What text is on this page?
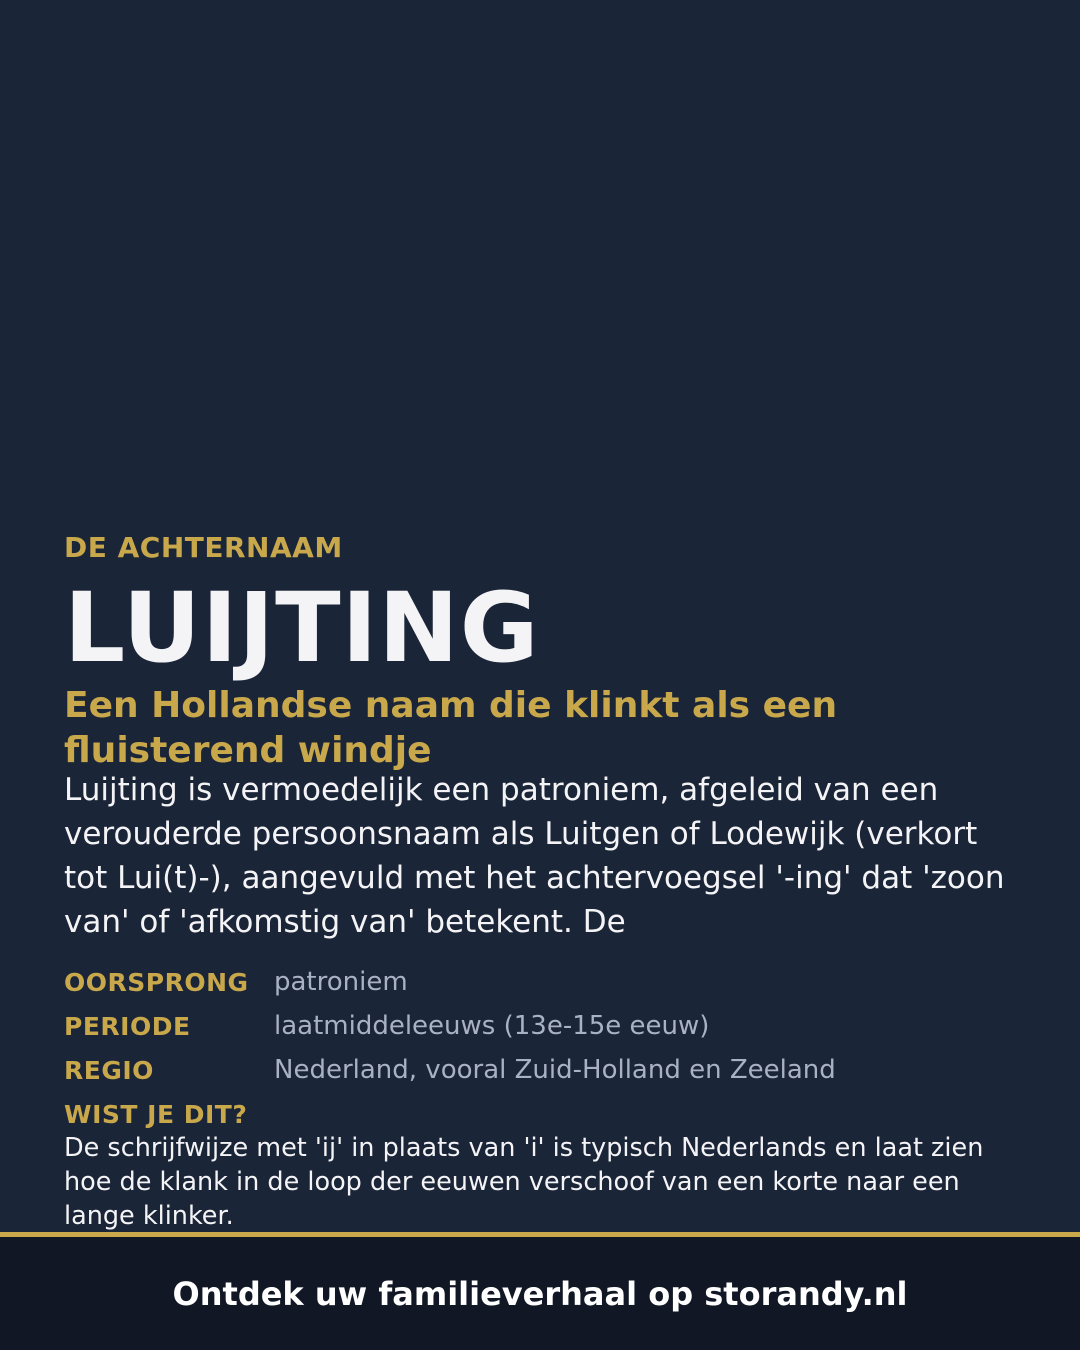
DE ACHTERNAAM
LUIJTING
Een Hollandse naam die klinkt als een fluisterend windje
Luijting is vermoedelijk een patroniem, afgeleid van een verouderde persoonsnaam als Luitgen of Lodewijk (verkort tot Lui(t)-), aangevuld met het achtervoegsel '-ing' dat 'zoon van' of 'afkomstig van' betekent. De
OORSPRONG patroniem
PERIODE	laatmiddeleeuws (13e-15e eeuw)
REGIO	Nederland, vooral Zuid-Holland en Zeeland
WIST JE DIT?
De schrijfwijze met 'ij' in plaats van 'i' is typisch Nederlands en laat zien hoe de klank in de loop der eeuwen verschoof van een korte naar een lange klinker.
Ontdek uw familieverhaal op storandy.nl
